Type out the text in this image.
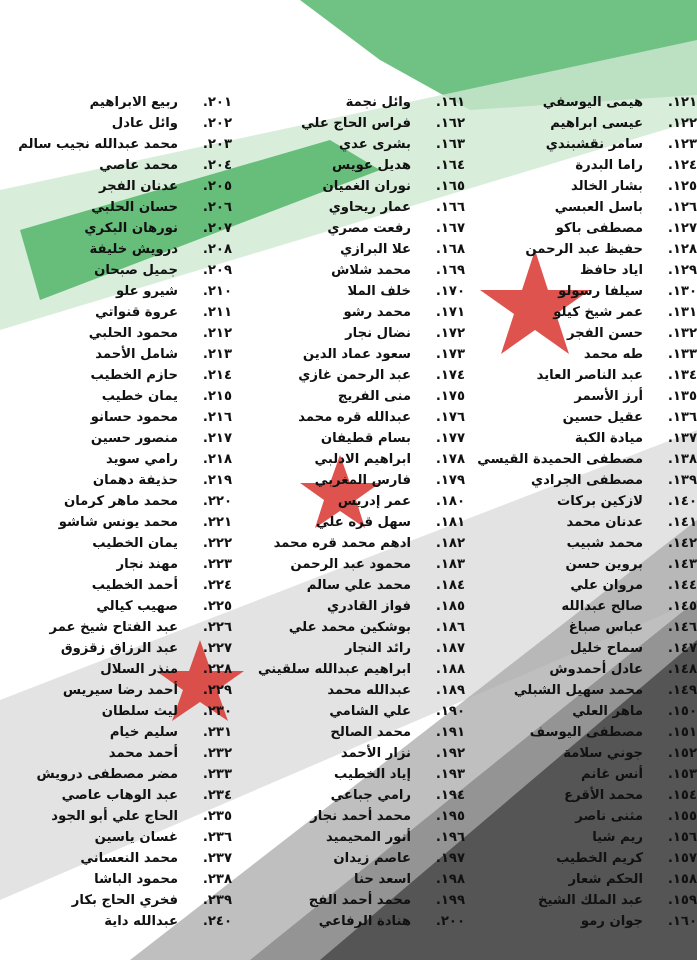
١٢١.
هيمى اليوسفي
١٢٢.
عيسى ابراهيم
١٢٣.
سامر نقشبندي
١٢٤.
راما البدرة
١٢٥.
بشار الخالد
١٢٦.
باسل العبسي
١٢٧.
مصطفى باكو
١٢٨.
حفيظ عبد الرحمن
١٢٩.
اياد حافظ
١٣٠.
سيلفا رسولو
١٣١.
عمر شيخ كيلو
١٣٢.
حسن الفجر
١٣٣.
طه محمد
١٣٤.
عبد الناصر العايد
١٣٥.
أرز الأسمر
١٣٦.
عقيل حسين
١٣٧.
ميادة الكبة
١٣٨.
مصطفى الحميدة القيسي
١٣٩.
مصطفى الجرادي
١٤٠.
لازكين بركات
١٤١.
عدنان محمد
١٤٢.
محمد شبيب
١٤٣.
بروين حسن
١٤٤.
مروان علي
١٤٥.
صالح عبدالله
١٤٦.
عباس صباغ
١٤٧.
سماح خليل
١٤٨.
عادل أحمدوش
١٤٩.
محمد سهيل الشبلي
١٥٠.
ماهر العلي
١٥١.
مصطفى اليوسف
١٥٢.
جوني سلامة
١٥٣.
أنس غانم
١٥٤.
محمد الأقرع
١٥٥.
مثنى ناصر
١٥٦.
ريم شيا
١٥٧.
كريم الخطيب
١٥٨.
الحكم شعار
١٥٩.
عبد الملك الشيخ
١٦٠.
جوان رمو
١٦١.
وائل نجمة
١٦٢.
فراس الحاج علي
١٦٣.
بشرى عدي
١٦٤.
هديل عويس
١٦٥.
نوران الغميان
١٦٦.
عمار ريحاوي
١٦٧.
رفعت مصري
١٦٨.
علا البرازي
١٦٩.
محمد شلاش
١٧٠.
خلف الملا
١٧١.
محمد رشو
١٧٢.
نضال نجار
١٧٣.
سعود عماد الدين
١٧٤.
عبد الرحمن غازي
١٧٥.
منى الفريج
١٧٦.
عبدالله قره محمد
١٧٧.
بسام قطيفان
١٧٨.
ابراهيم الادلبي
١٧٩.
فارس المغربي
١٨٠.
عمر إدريس
١٨١.
سهل قره علي
١٨٢.
ادهم محمد قره محمد
١٨٣.
محمود عبد الرحمن
١٨٤.
محمد علي سالم
١٨٥.
فواز القادري
١٨٦.
بوشكين محمد علي
١٨٧.
رائد النجار
١٨٨.
ابراهيم عبدالله سلقيني
١٨٩.
عبدالله محمد
١٩٠.
علي الشامي
١٩١.
محمد الصالح
١٩٢.
نزار الأحمد
١٩٣.
إياد الخطيب
١٩٤.
رامي جباعي
١٩٥.
محمد أحمد نجار
١٩٦.
أنور المحيميد
١٩٧.
عاصم زيدان
١٩٨.
اسعد حنا
١٩٩.
محمد أحمد الفج
٢٠٠.
هنادة الرفاعي
٢٠١.
ربيع الابراهيم
٢٠٢.
وائل عادل
٢٠٣.
محمد عبدالله نجيب سالم
٢٠٤.
محمد عاصي
٢٠٥.
عدنان الفجر
٢٠٦.
حسان الحلبي
٢٠٧.
نورهان البكري
٢٠٨.
درويش خليفة
٢٠٩.
جميل صبحان
٢١٠.
شيرو علو
٢١١.
عروة قنواتي
٢١٢.
محمود الحلبي
٢١٣.
شامل الأحمد
٢١٤.
حازم الخطيب
٢١٥.
يمان خطيب
٢١٦.
محمود حسانو
٢١٧.
منصور حسين
٢١٨.
رامي سويد
٢١٩.
حذيفة دهمان
٢٢٠.
محمد ماهر كرمان
٢٢١.
محمد يونس شاشو
٢٢٢.
يمان الخطيب
٢٢٣.
مهند نجار
٢٢٤.
أحمد الخطيب
٢٢٥.
صهيب كيالي
٢٢٦.
عبد الفتاح شيخ عمر
٢٢٧.
عبد الرزاق زقزوق
٢٢٨.
منذر السلال
٢٢٩.
أحمد رضا سيريس
٢٣٠.
ليث سلطان
٢٣١.
سليم خيام
٢٣٢.
أحمد محمد
٢٣٣.
مضر مصطفى درويش
٢٣٤.
عبد الوهاب عاصي
٢٣٥.
الحاج علي أبو الجود
٢٣٦.
غسان ياسين
٢٣٧.
محمد النعساني
٢٣٨.
محمود الباشا
٢٣٩.
فخري الحاج بكار
٢٤٠.
عبدالله داية
